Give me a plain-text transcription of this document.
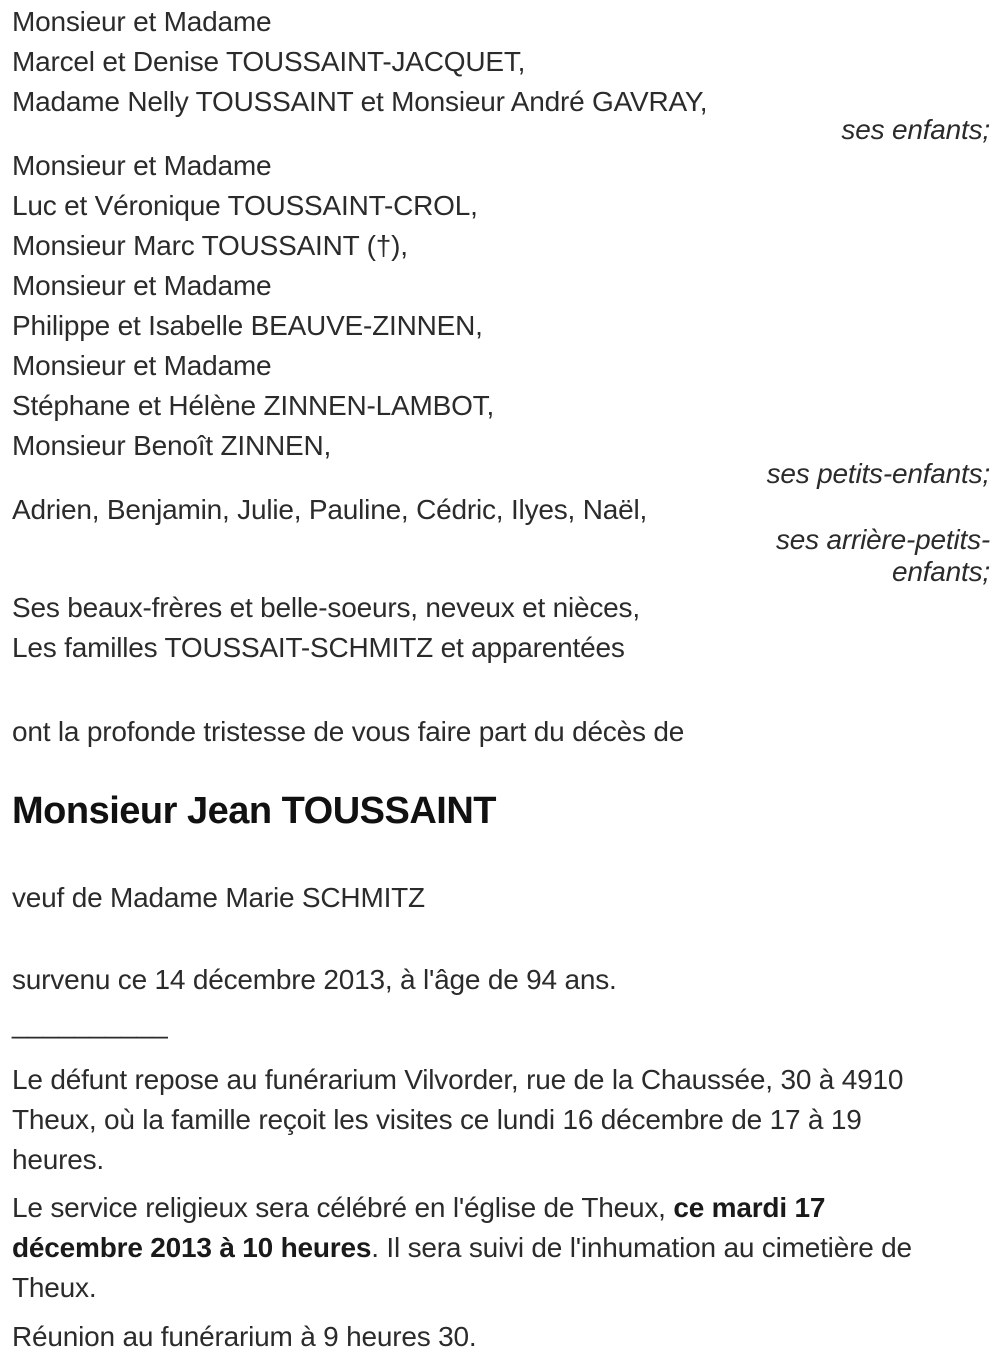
Monsieur et Madame
Marcel et Denise TOUSSAINT-JACQUET,
Madame Nelly TOUSSAINT et Monsieur André GAVRAY,
ses enfants;
Monsieur et Madame
Luc et Véronique TOUSSAINT-CROL,
Monsieur Marc TOUSSAINT (†),
Monsieur et Madame
Philippe et Isabelle BEAUVE-ZINNEN,
Monsieur et Madame
Stéphane et Hélène ZINNEN-LAMBOT,
Monsieur Benoît ZINNEN,
ses petits-enfants;
Adrien, Benjamin, Julie, Pauline, Cédric, Ilyes, Naël,
ses arrière-petits-
enfants;
Ses beaux-frères et belle-soeurs, neveux et nièces,
Les familles TOUSSAIT-SCHMITZ et apparentées
ont la profonde tristesse de vous faire part du décès de
Monsieur Jean TOUSSAINT
veuf de Madame Marie SCHMITZ
survenu ce 14 décembre 2013, à l'âge de 94 ans.
__________
Le défunt repose au funérarium Vilvorder, rue de la Chaussée, 30 à 4910
Theux, où la famille reçoit les visites ce lundi 16 décembre de 17 à 19
heures.
Le service religieux sera célébré en l'église de Theux, ce mardi 17
décembre 2013 à 10 heures. Il sera suivi de l'inhumation au cimetière de
Theux.
Réunion au funérarium à 9 heures 30.
